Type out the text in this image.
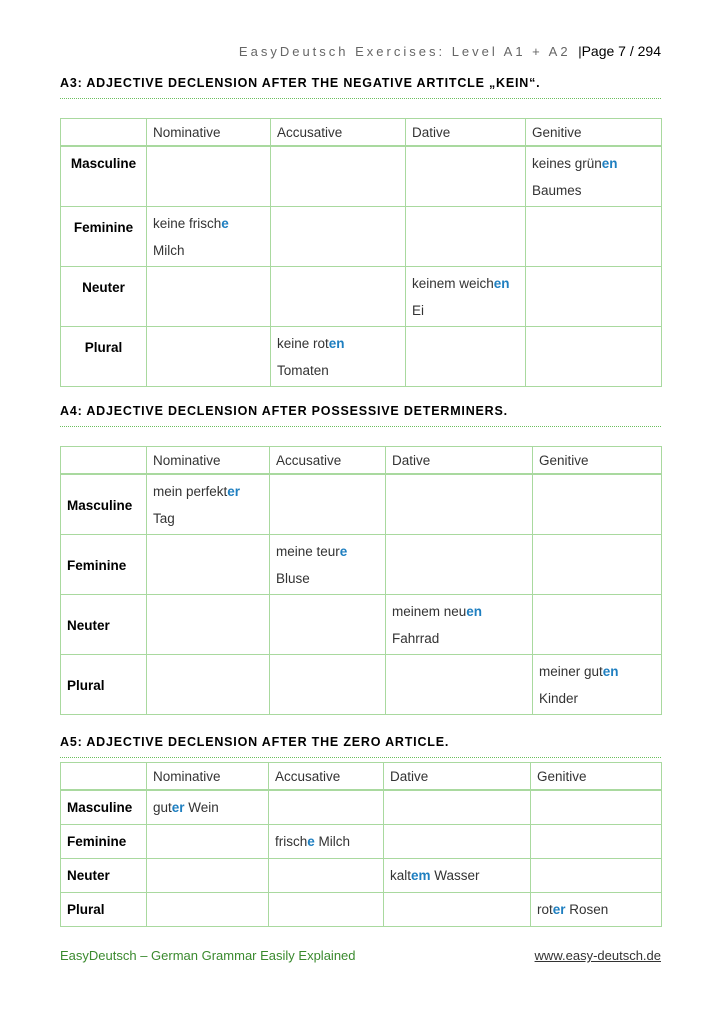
EasyDeutsch Exercises: Level A1 + A2 |Page 7 / 294
A3: ADJECTIVE DECLENSION AFTER THE NEGATIVE ARTITCLE „KEIN“.
	Nominative	Accusative	Dative	Genitive
Masculine				keines grünen Baumes
Feminine	keine frische Milch			
Neuter			keinem weichen Ei	
Plural		keine roten Tomaten		
A4: ADJECTIVE DECLENSION AFTER POSSESSIVE DETERMINERS.
	Nominative	Accusative	Dative	Genitive
Masculine	mein perfekter Tag			
Feminine		meine teure Bluse		
Neuter			meinem neuen Fahrrad	
Plural				meiner guten Kinder
A5: ADJECTIVE DECLENSION AFTER THE ZERO ARTICLE.
	Nominative	Accusative	Dative	Genitive
Masculine	guter Wein			
Feminine		frische Milch		
Neuter			kaltem Wasser	
Plural				roter Rosen
EasyDeutsch – German Grammar Easily Explained	www.easy-deutsch.de
